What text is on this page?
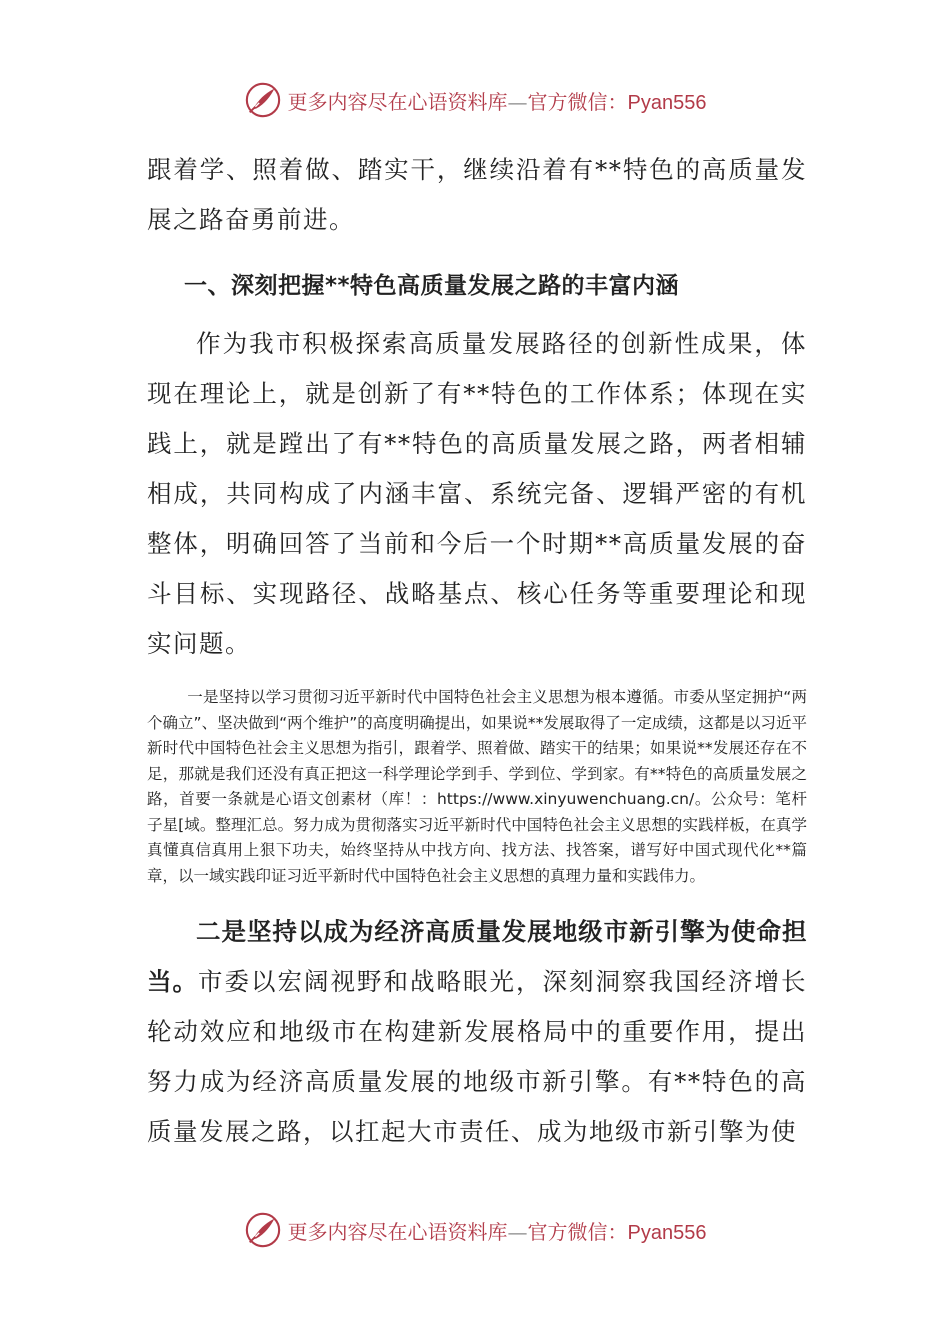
更多内容尽在心语资料库—官方微信：Pyan556

跟着学、照着做、踏实干，继续沿着有**特色的高质量发展之路奋勇前进。

一、深刻把握**特色高质量发展之路的丰富内涵

作为我市积极探索高质量发展路径的创新性成果，体现在理论上，就是创新了有**特色的工作体系；体现在实践上，就是蹚出了有**特色的高质量发展之路，两者相辅相成，共同构成了内涵丰富、系统完备、逻辑严密的有机整体，明确回答了当前和今后一个时期**高质量发展的奋斗目标、实现路径、战略基点、核心任务等重要理论和现实问题。

一是坚持以学习贯彻习近平新时代中国特色社会主义思想为根本遵循。市委从坚定拥护“两个确立”、坚决做到“两个维护”的高度明确提出，如果说**发展取得了一定成绩，这都是以习近平新时代中国特色社会主义思想为指引，跟着学、照着做、踏实干的结果；如果说**发展还存在不足，那就是我们还没有真正把这一科学理论学到手、学到位、学到家。有**特色的高质量发展之路，首要一条就是心语文创素材（库！：https://www.xinyuwenchuang.cn/。公众号：笔杆子星[域。整理汇总。努力成为贯彻落实习近平新时代中国特色社会主义思想的实践样板，在真学真懂真信真用上狠下功夫，始终坚持从中找方向、找方法、找答案，谱写好中国式现代化**篇章，以一域实践印证习近平新时代中国特色社会主义思想的真理力量和实践伟力。

二是坚持以成为经济高质量发展地级市新引擎为使命担当。市委以宏阔视野和战略眼光，深刻洞察我国经济增长轮动效应和地级市在构建新发展格局中的重要作用，提出努力成为经济高质量发展的地级市新引擎。有**特色的高质量发展之路，以扛起大市责任、成为地级市新引擎为使

更多内容尽在心语资料库—官方微信：Pyan556
